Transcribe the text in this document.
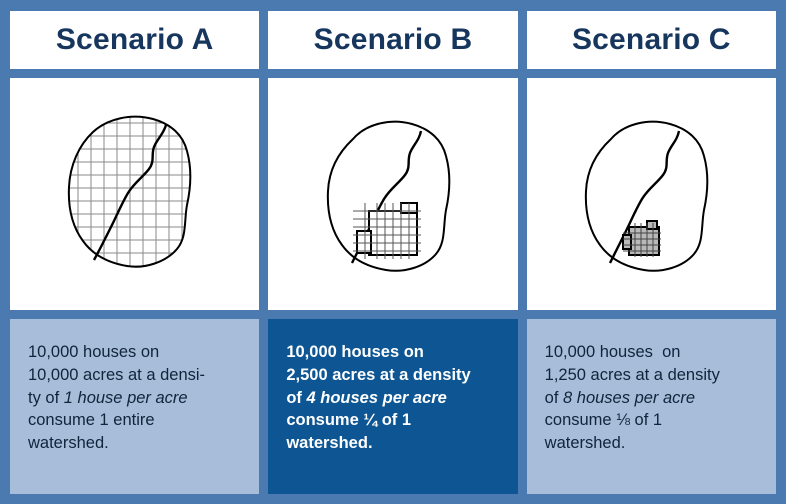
Scenario A
10,000 houses on
10,000 acres at a densi-
ty of 1 house per acre
consume 1 entire
watershed.
Scenario B
10,000 houses on
2,500 acres at a density
of 4 houses per acre
consume ¼ of 1
watershed.
Scenario C
10,000 houses  on
1,250 acres at a density
of 8 houses per acre
consume ⅛ of 1
watershed.
